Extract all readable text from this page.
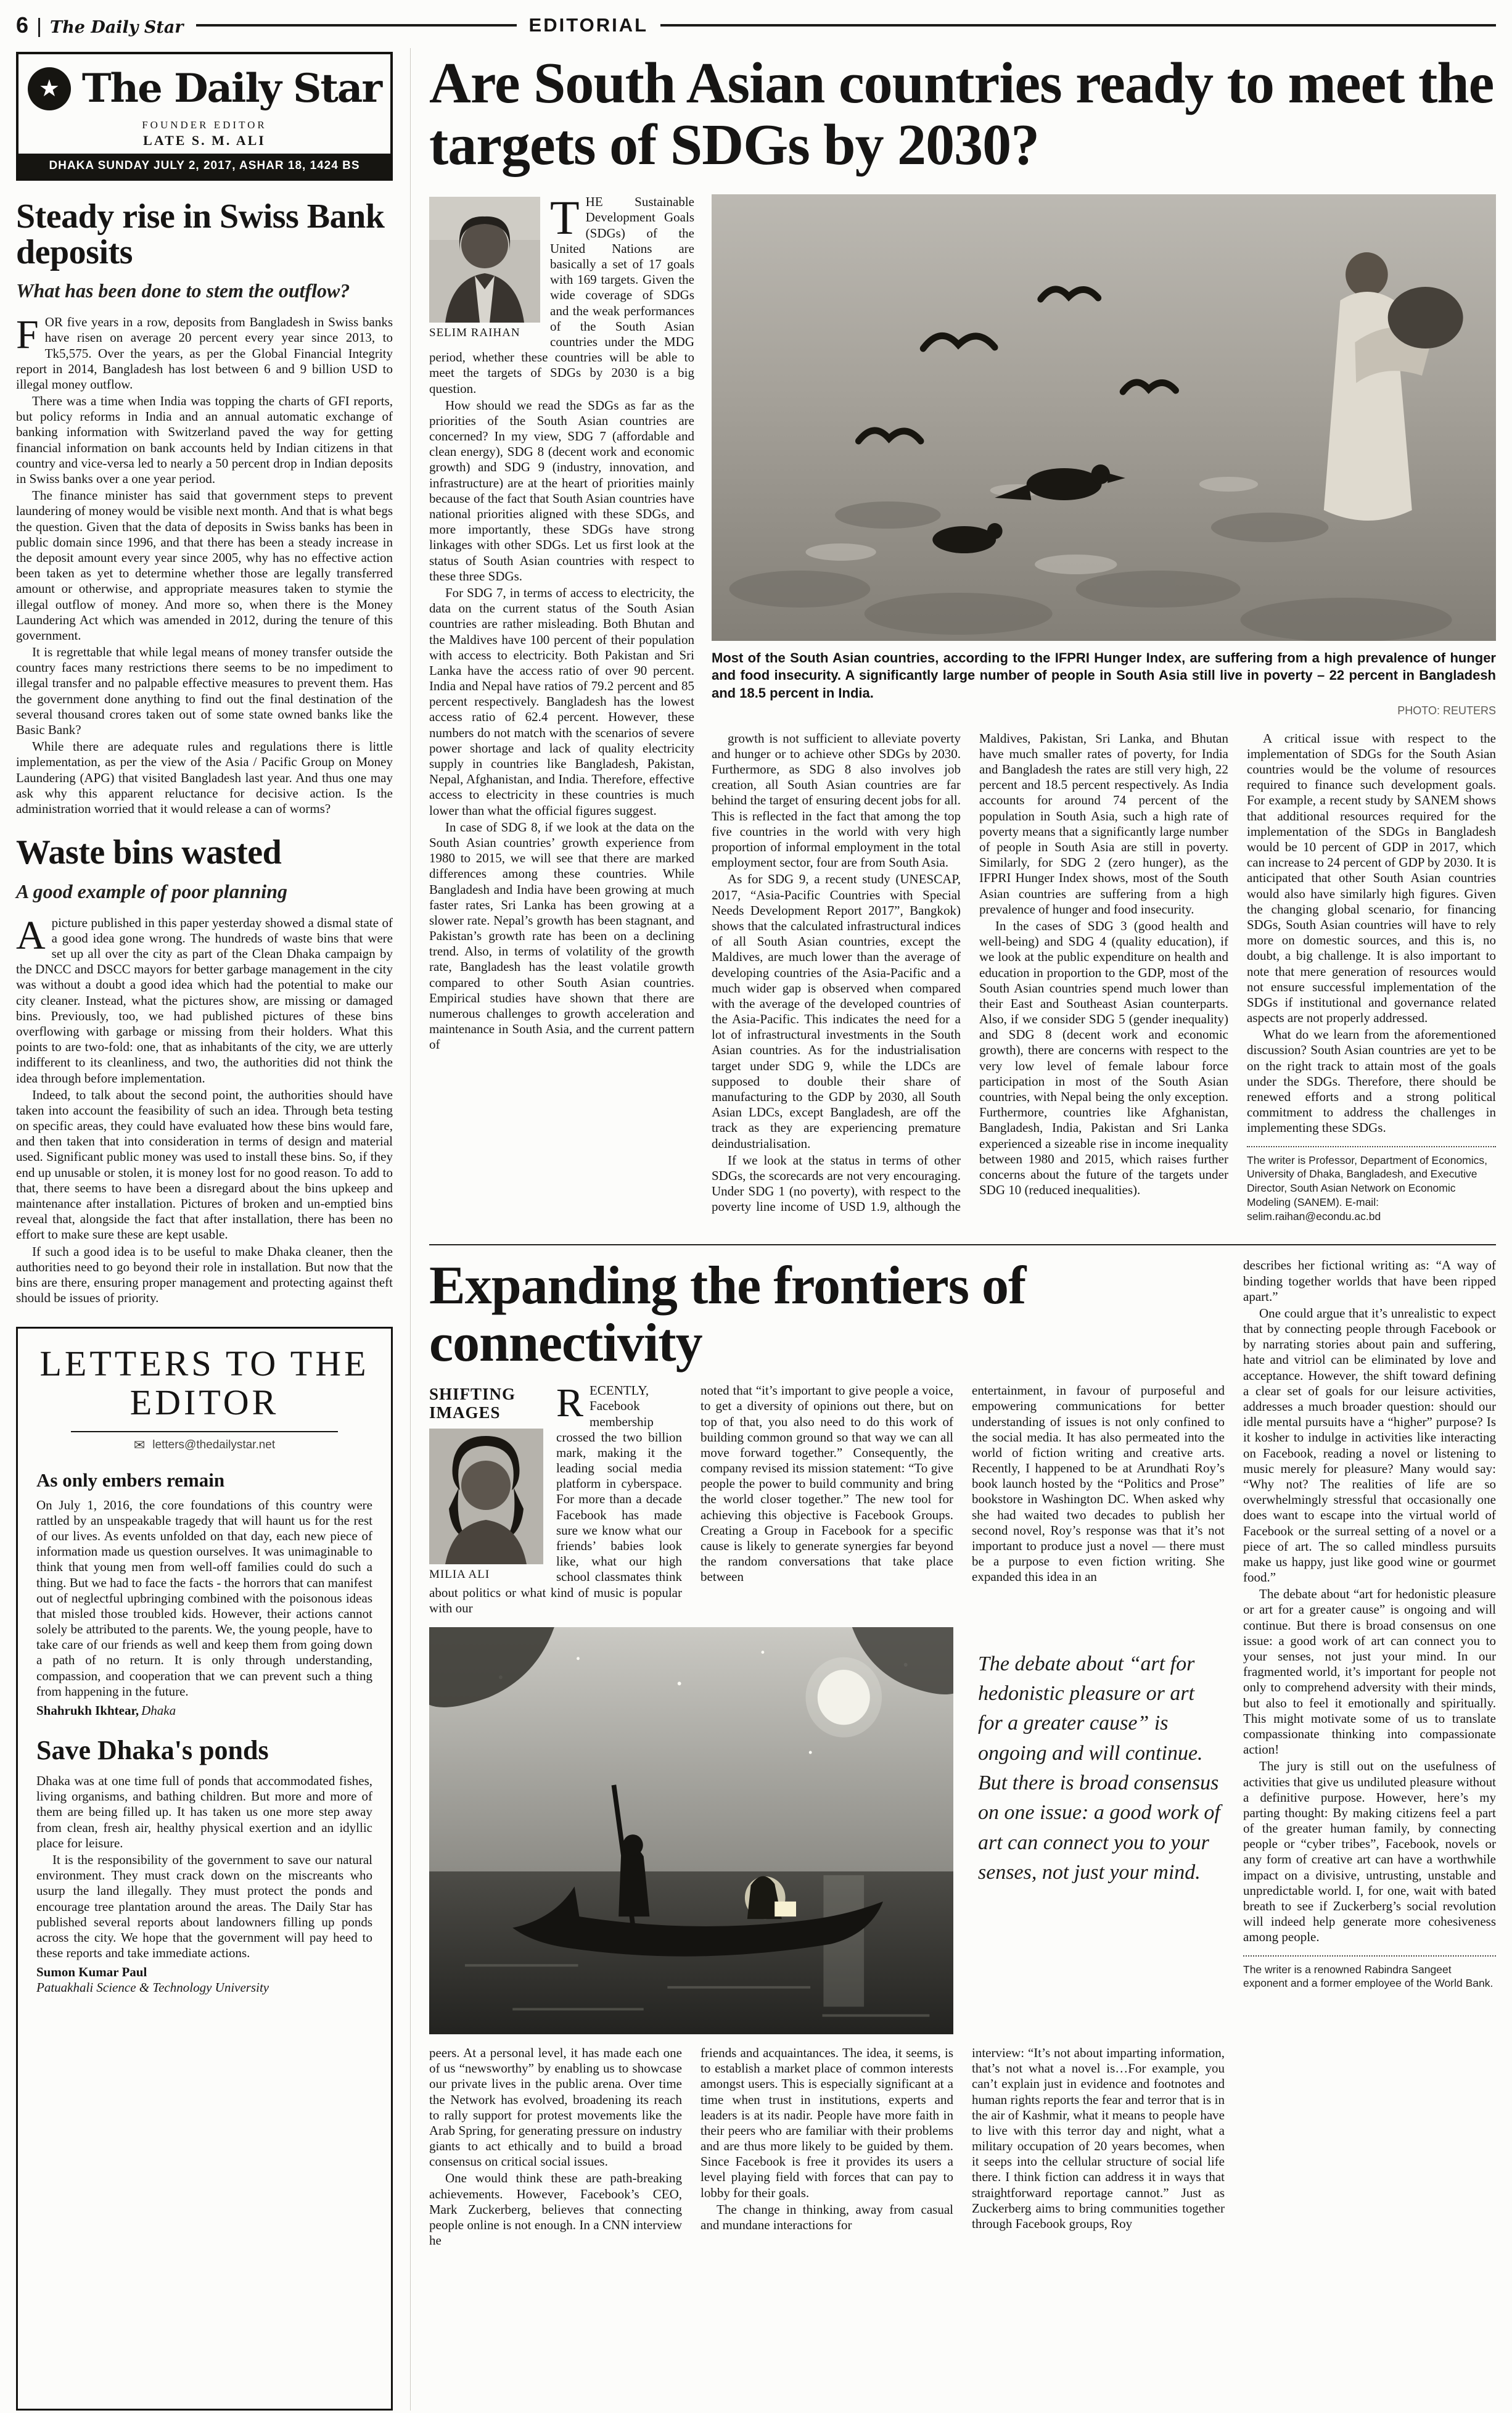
6	The Daily Star	EDITORIAL
★ The Daily Star
FOUNDER EDITOR
LATE S. M. ALI
DHAKA SUNDAY JULY 2, 2017, ASHAR 18, 1424 BS
Steady rise in Swiss Bank deposits
What has been done to stem the outflow?

FOR five years in a row, deposits from Bangladesh in Swiss banks have risen on average 20 percent every year since 2013, to Tk5,575. Over the years, as per the Global Financial Integrity report in 2014, Bangladesh has lost between 6 and 9 billion USD to illegal money outflow.

There was a time when India was topping the charts of GFI reports, but policy reforms in India and an annual automatic exchange of banking information with Switzerland paved the way for getting financial information on bank accounts held by Indian citizens in that country and vice-versa led to nearly a 50 percent drop in Indian deposits in Swiss banks over a one year period.

The finance minister has said that government steps to prevent laundering of money would be visible next month. And that is what begs the question. Given that the data of deposits in Swiss banks has been in public domain since 1996, and that there has been a steady increase in the deposit amount every year since 2005, why has no effective action been taken as yet to determine whether those are legally transferred amount or otherwise, and appropriate measures taken to stymie the illegal outflow of money. And more so, when there is the Money Laundering Act which was amended in 2012, during the tenure of this government.

It is regrettable that while legal means of money transfer outside the country faces many restrictions there seems to be no impediment to illegal transfer and no palpable effective measures to prevent them. Has the government done anything to find out the final destination of the several thousand crores taken out of some state owned banks like the Basic Bank?

While there are adequate rules and regulations there is little implementation, as per the view of the Asia / Pacific Group on Money Laundering (APG) that visited Bangladesh last year. And thus one may ask why this apparent reluctance for decisive action. Is the administration worried that it would release a can of worms?

Waste bins wasted
A good example of poor planning

Apicture published in this paper yesterday showed a dismal state of a good idea gone wrong. The hundreds of waste bins that were set up all over the city as part of the Clean Dhaka campaign by the DNCC and DSCC mayors for better garbage management in the city was without a doubt a good idea which had the potential to make our city cleaner. Instead, what the pictures show, are missing or damaged bins. Previously, too, we had published pictures of these bins overflowing with garbage or missing from their holders. What this points to are two-fold: one, that as inhabitants of the city, we are utterly indifferent to its cleanliness, and two, the authorities did not think the idea through before implementation.

Indeed, to talk about the second point, the authorities should have taken into account the feasibility of such an idea. Through beta testing on specific areas, they could have evaluated how these bins would fare, and then taken that into consideration in terms of design and material used. Significant public money was used to install these bins. So, if they end up unusable or stolen, it is money lost for no good reason. To add to that, there seems to have been a disregard about the bins upkeep and maintenance after installation. Pictures of broken and un-emptied bins reveal that, alongside the fact that after installation, there has been no effort to make sure these are kept usable.

If such a good idea is to be useful to make Dhaka cleaner, then the authorities need to go beyond their role in installation. But now that the bins are there, ensuring proper management and protecting against theft should be issues of priority.

LETTERS TO THE EDITOR
✉ letters@thedailystar.net
As only embers remain

On July 1, 2016, the core foundations of this country were rattled by an unspeakable tragedy that will haunt us for the rest of our lives. As events unfolded on that day, each new piece of information made us question ourselves. It was unimaginable to think that young men from well-off families could do such a thing. But we had to face the facts - the horrors that can manifest out of neglectful upbringing combined with the poisonous ideas that misled those troubled kids. However, their actions cannot solely be attributed to the parents. We, the young people, have to take care of our friends as well and keep them from going down a path of no return. It is only through understanding, compassion, and cooperation that we can prevent such a thing from happening in the future.

Shahrukh Ikhtear, Dhaka
Save Dhaka's ponds

Dhaka was at one time full of ponds that accommodated fishes, living organisms, and bathing children. But more and more of them are being filled up. It has taken us one more step away from clean, fresh air, healthy physical exertion and an idyllic place for leisure.

It is the responsibility of the government to save our natural environment. They must crack down on the miscreants who usurp the land illegally. They must protect the ponds and encourage tree plantation around the areas. The Daily Star has published several reports about landowners filling up ponds across the city. We hope that the government will pay heed to these reports and take immediate actions.

Sumon Kumar Paul
Patuakhali Science & Technology University
Are South Asian countries ready to meet the targets of SDGs by 2030?
SELIM RAIHAN

THE Sustainable Development Goals (SDGs) of the United Nations are basically a set of 17 goals with 169 targets. Given the wide coverage of SDGs and the weak performances of the South Asian countries under the MDG period, whether these countries will be able to meet the targets of SDGs by 2030 is a big question.

How should we read the SDGs as far as the priorities of the South Asian countries are concerned? In my view, SDG 7 (affordable and clean energy), SDG 8 (decent work and economic growth) and SDG 9 (industry, innovation, and infrastructure) are at the heart of priorities mainly because of the fact that South Asian countries have national priorities aligned with these SDGs, and more importantly, these SDGs have strong linkages with other SDGs. Let us first look at the status of South Asian countries with respect to these three SDGs.

For SDG 7, in terms of access to electricity, the data on the current status of the South Asian countries are rather misleading. Both Bhutan and the Maldives have 100 percent of their population with access to electricity. Both Pakistan and Sri Lanka have the access ratio of over 90 percent. India and Nepal have ratios of 79.2 percent and 85 percent respectively. Bangladesh has the lowest access ratio of 62.4 percent. However, these numbers do not match with the scenarios of severe power shortage and lack of quality electricity supply in countries like Bangladesh, Pakistan, Nepal, Afghanistan, and India. Therefore, effective access to electricity in these countries is much lower than what the official figures suggest.

In case of SDG 8, if we look at the data on the South Asian countries’ growth experience from 1980 to 2015, we will see that there are marked differences among these countries. While Bangladesh and India have been growing at much faster rates, Sri Lanka has been growing at a slower rate. Nepal’s growth has been stagnant, and Pakistan’s growth rate has been on a declining trend. Also, in terms of volatility of the growth rate, Bangladesh has the least volatile growth compared to other South Asian countries. Empirical studies have shown that there are numerous challenges to growth acceleration and maintenance in South Asia, and the current pattern of

Most of the South Asian countries, according to the IFPRI Hunger Index, are suffering from a high prevalence of hunger and food insecurity. A significantly large number of people in South Asia still live in poverty – 22 percent in Bangladesh and 18.5 percent in India.

PHOTO: REUTERS

growth is not sufficient to alleviate poverty and hunger or to achieve other SDGs by 2030. Furthermore, as SDG 8 also involves job creation, all South Asian countries are far behind the target of ensuring decent jobs for all. This is reflected in the fact that among the top five countries in the world with very high proportion of informal employment in the total employment sector, four are from South Asia.

As for SDG 9, a recent study (UNESCAP, 2017, “Asia-Pacific Countries with Special Needs Development Report 2017”, Bangkok) shows that the calculated infrastructural indices of all South Asian countries, except the Maldives, are much lower than the average of developing countries of the Asia-Pacific and a much wider gap is observed when compared with the average of the developed countries of the Asia-Pacific. This indicates the need for a lot of infrastructural investments in the South Asian countries. As for the industrialisation target under SDG 9, while the LDCs are supposed to double their share of manufacturing to the GDP by 2030, all South Asian LDCs, except Bangladesh, are off the track as they are experiencing premature deindustrialisation.

If we look at the status in terms of other SDGs, the scorecards are not very encouraging. Under SDG 1 (no poverty), with respect to the poverty line income of USD 1.9, although the Maldives, Pakistan, Sri Lanka, and Bhutan have much smaller rates of poverty, for India and Bangladesh the rates are still very high, 22 percent and 18.5 percent respectively. As India accounts for around 74 percent of the population in South Asia, such a high rate of poverty means that a significantly large number of people in South Asia are still in poverty. Similarly, for SDG 2 (zero hunger), as the IFPRI Hunger Index shows, most of the South Asian countries are suffering from a high prevalence of hunger and food insecurity.

In the cases of SDG 3 (good health and well-being) and SDG 4 (quality education), if we look at the public expenditure on health and education in proportion to the GDP, most of the South Asian countries spend much lower than their East and Southeast Asian counterparts. Also, if we consider SDG 5 (gender inequality) and SDG 8 (decent work and economic growth), there are concerns with respect to the very low level of female labour force participation in most of the South Asian countries, with Nepal being the only exception. Furthermore, countries like Afghanistan, Bangladesh, India, Pakistan and Sri Lanka experienced a sizeable rise in income inequality between 1980 and 2015, which raises further concerns about the future of the targets under SDG 10 (reduced inequalities).

A critical issue with respect to the implementation of SDGs for the South Asian countries would be the volume of resources required to finance such development goals. For example, a recent study by SANEM shows that additional resources required for the implementation of the SDGs in Bangladesh would be 10 percent of GDP in 2017, which can increase to 24 percent of GDP by 2030. It is anticipated that other South Asian countries would also have similarly high figures. Given the changing global scenario, for financing SDGs, South Asian countries will have to rely more on domestic sources, and this is, no doubt, a big challenge. It is also important to note that mere generation of resources would not ensure successful implementation of the SDGs if institutional and governance related aspects are not properly addressed.

What do we learn from the aforementioned discussion? South Asian countries are yet to be on the right track to attain most of the goals under the SDGs. Therefore, there should be renewed efforts and a strong political commitment to address the challenges in implementing these SDGs.

The writer is Professor, Department of Economics, University of Dhaka, Bangladesh, and Executive Director, South Asian Network on Economic Modeling (SANEM). E-mail: selim.raihan@econdu.ac.bd
Expanding the frontiers of connectivity

describes her fictional writing as: “A way of binding together worlds that have been ripped apart.”

One could argue that it’s unrealistic to expect that by connecting people through Facebook or by narrating stories about pain and suffering, hate and vitriol can be eliminated by love and acceptance. However, the shift toward defining a clear set of goals for our leisure activities, addresses a much broader question: should our idle mental pursuits have a “higher” purpose? Is it kosher to indulge in activities like interacting on Facebook, reading a novel or listening to music merely for pleasure? Many would say: “Why not? The realities of life are so overwhelmingly stressful that occasionally one does want to escape into the virtual world of Facebook or the surreal setting of a novel or a piece of art. The so called mindless pursuits make us happy, just like good wine or gourmet food.”

The debate about “art for hedonistic pleasure or art for a greater cause” is ongoing and will continue. But there is broad consensus on one issue: a good work of art can connect you to your senses, not just your mind. In our fragmented world, it’s important for people not only to comprehend adversity with their minds, but also to feel it emotionally and spiritually. This might motivate some of us to translate compassionate thinking into compassionate action!

The jury is still out on the usefulness of activities that give us undiluted pleasure without a definitive purpose. However, here’s my parting thought: By making citizens feel a part of the greater human family, by connecting people or “cyber tribes”, Facebook, novels or any form of creative art can have a worthwhile impact on a divisive, untrusting, unstable and unpredictable world. I, for one, wait with bated breath to see if Zuckerberg’s social revolution will indeed help generate more cohesiveness among people.

The writer is a renowned Rabindra Sangeet exponent and a former employee of the World Bank.
SHIFTING IMAGES
MILIA ALI

RECENTLY, Facebook membership crossed the two billion mark, making it the leading social media platform in cyberspace. For more than a decade Facebook has made sure we know what our friends’ babies look like, what our high school classmates think about politics or what kind of music is popular with our

noted that “it’s important to give people a voice, to get a diversity of opinions out there, but on top of that, you also need to do this work of building common ground so that way we can all move forward together.” Consequently, the company revised its mission statement: “To give people the power to build community and bring the world closer together.” The new tool for achieving this objective is Facebook Groups. Creating a Group in Facebook for a specific cause is likely to generate synergies far beyond the random conversations that take place between

entertainment, in favour of purposeful and empowering communications for better understanding of issues is not only confined to the social media. It has also permeated into the world of fiction writing and creative arts. Recently, I happened to be at Arundhati Roy’s book launch hosted by the “Politics and Prose” bookstore in Washington DC. When asked why she had waited two decades to publish her second novel, Roy’s response was that it’s not important to produce just a novel — there must be a purpose to even fiction writing. She expanded this idea in an

The debate about “art for hedonistic pleasure or art for a greater cause” is ongoing and will continue. But there is broad consensus on one issue: a good work of art can connect you to your senses, not just your mind.

peers. At a personal level, it has made each one of us “newsworthy” by enabling us to showcase our private lives in the public arena. Over time the Network has evolved, broadening its reach to rally support for protest movements like the Arab Spring, for generating pressure on industry giants to act ethically and to build a broad consensus on critical social issues.

One would think these are path-breaking achievements. However, Facebook’s CEO, Mark Zuckerberg, believes that connecting people online is not enough. In a CNN interview he

friends and acquaintances. The idea, it seems, is to establish a market place of common interests amongst users. This is especially significant at a time when trust in institutions, experts and leaders is at its nadir. People have more faith in their peers who are familiar with their problems and are thus more likely to be guided by them. Since Facebook is free it provides its users a level playing field with forces that can pay to lobby for their goals.

The change in thinking, away from casual and mundane interactions for

interview: “It’s not about imparting information, that’s not what a novel is…For example, you can’t explain just in evidence and footnotes and human rights reports the fear and terror that is in the air of Kashmir, what it means to people have to live with this terror day and night, what a military occupation of 20 years becomes, when it seeps into the cellular structure of social life there. I think fiction can address it in ways that straightforward reportage cannot.” Just as Zuckerberg aims to bring communities together through Facebook groups, Roy
